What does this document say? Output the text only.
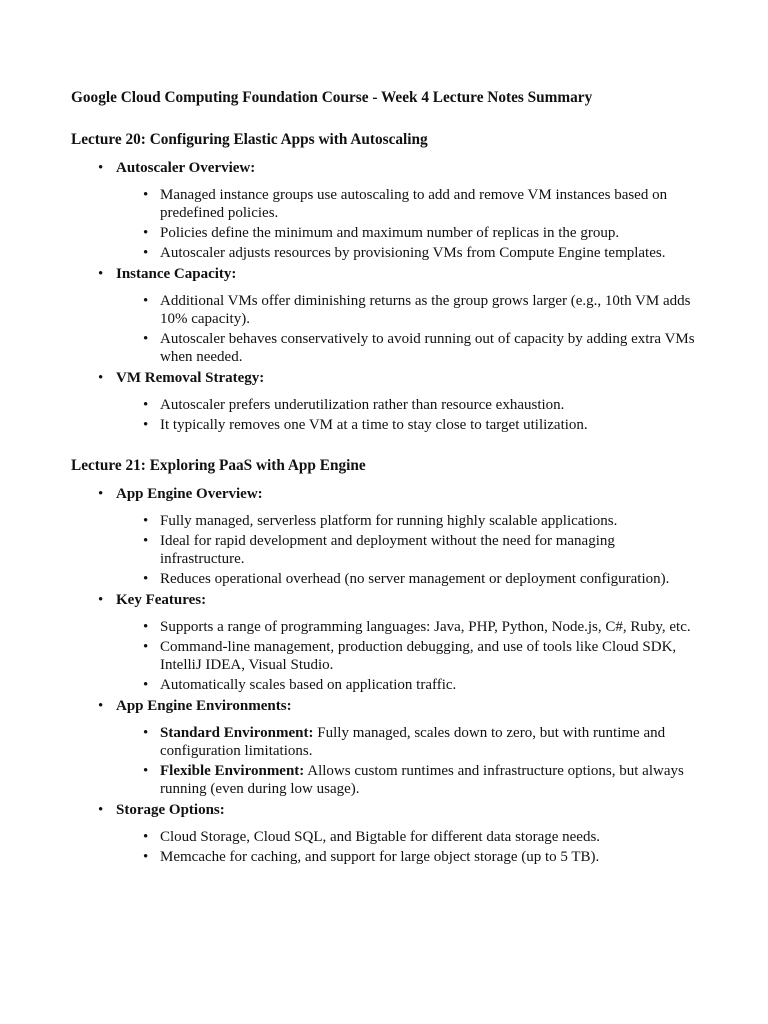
Google Cloud Computing Foundation Course - Week 4 Lecture Notes Summary
Lecture 20: Configuring Elastic Apps with Autoscaling
• Autoscaler Overview:
• Managed instance groups use autoscaling to add and remove VM instances based on predefined policies.
• Policies define the minimum and maximum number of replicas in the group.
• Autoscaler adjusts resources by provisioning VMs from Compute Engine templates.
• Instance Capacity:
• Additional VMs offer diminishing returns as the group grows larger (e.g., 10th VM adds 10% capacity).
• Autoscaler behaves conservatively to avoid running out of capacity by adding extra VMs when needed.
• VM Removal Strategy:
• Autoscaler prefers underutilization rather than resource exhaustion.
• It typically removes one VM at a time to stay close to target utilization.
Lecture 21: Exploring PaaS with App Engine
• App Engine Overview:
• Fully managed, serverless platform for running highly scalable applications.
• Ideal for rapid development and deployment without the need for managing infrastructure.
• Reduces operational overhead (no server management or deployment configuration).
• Key Features:
• Supports a range of programming languages: Java, PHP, Python, Node.js, C#, Ruby, etc.
• Command-line management, production debugging, and use of tools like Cloud SDK, IntelliJ IDEA, Visual Studio.
• Automatically scales based on application traffic.
• App Engine Environments:
• Standard Environment: Fully managed, scales down to zero, but with runtime and configuration limitations.
• Flexible Environment: Allows custom runtimes and infrastructure options, but always running (even during low usage).
• Storage Options:
• Cloud Storage, Cloud SQL, and Bigtable for different data storage needs.
• Memcache for caching, and support for large object storage (up to 5 TB).
